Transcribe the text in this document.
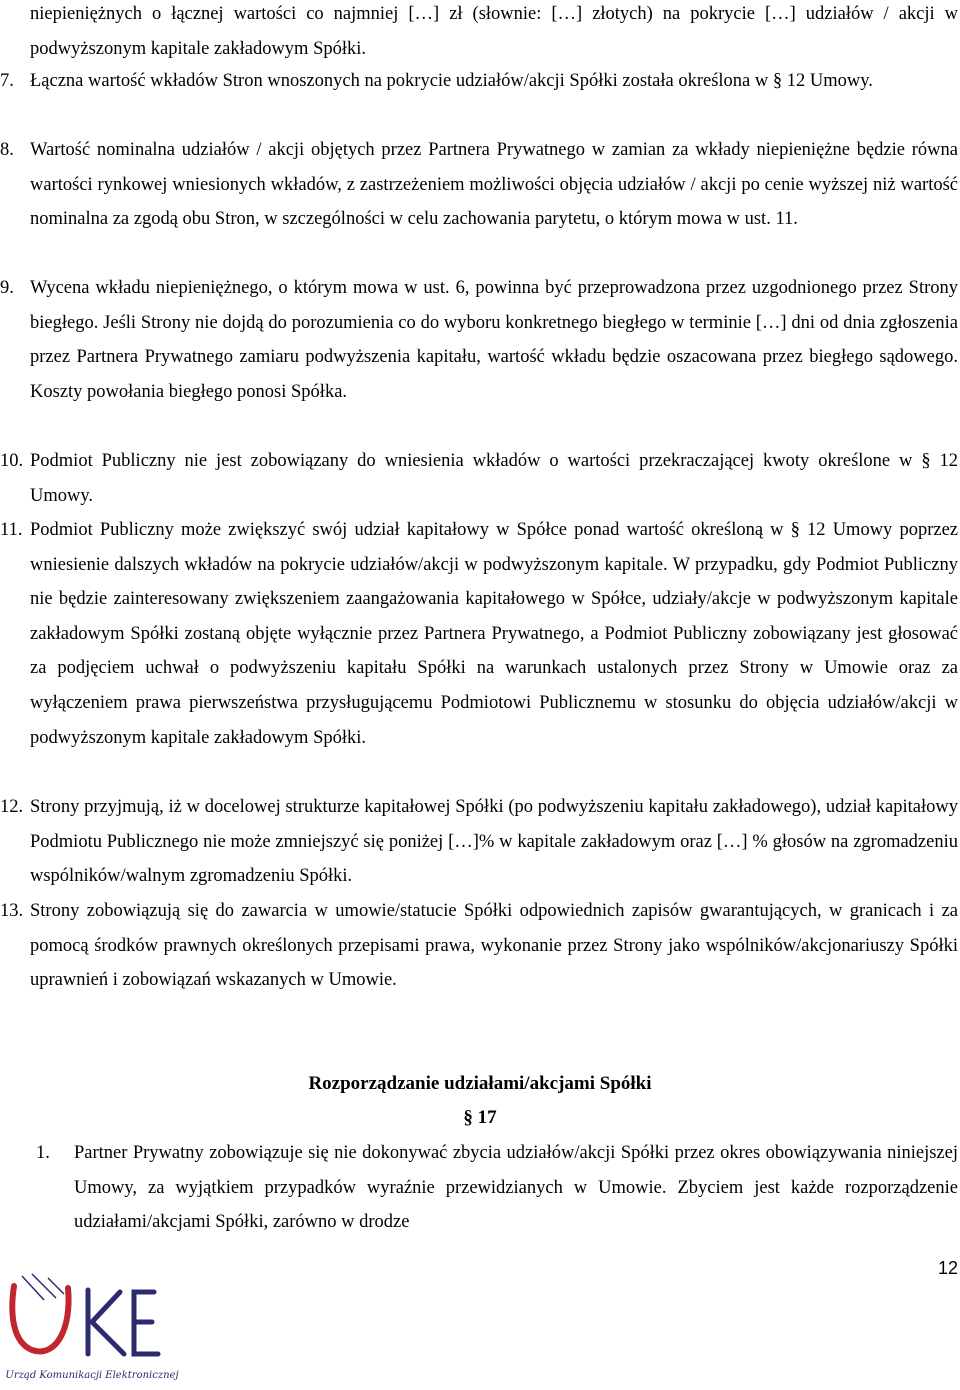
niepieniężnych o łącznej wartości co najmniej […] zł (słownie: […] złotych) na pokrycie […] udziałów / akcji w podwyższonym kapitale zakładowym Spółki.

7. Łączna wartość wkładów Stron wnoszonych na pokrycie udziałów/akcji Spółki została określona w § 12 Umowy.
8. Wartość nominalna udziałów / akcji objętych przez Partnera Prywatnego w zamian za wkłady niepieniężne będzie równa wartości rynkowej wniesionych wkładów, z zastrzeżeniem możliwości objęcia udziałów / akcji po cenie wyższej niż wartość nominalna za zgodą obu Stron, w szczególności w celu zachowania parytetu, o którym mowa w ust. 11.
9. Wycena wkładu niepieniężnego, o którym mowa w ust. 6, powinna być przeprowadzona przez uzgodnionego przez Strony biegłego. Jeśli Strony nie dojdą do porozumienia co do wyboru konkretnego biegłego w terminie […] dni od dnia zgłoszenia przez Partnera Prywatnego zamiaru podwyższenia kapitału, wartość wkładu będzie oszacowana przez biegłego sądowego. Koszty powołania biegłego ponosi Spółka.
10. Podmiot Publiczny nie jest zobowiązany do wniesienia wkładów o wartości przekraczającej kwoty określone w § 12 Umowy.
11. Podmiot Publiczny może zwiększyć swój udział kapitałowy w Spółce ponad wartość określoną w § 12 Umowy poprzez wniesienie dalszych wkładów na pokrycie udziałów/akcji w podwyższonym kapitale. W przypadku, gdy Podmiot Publiczny nie będzie zainteresowany zwiększeniem zaangażowania kapitałowego w Spółce, udziały/akcje w podwyższonym kapitale zakładowym Spółki zostaną objęte wyłącznie przez Partnera Prywatnego, a Podmiot Publiczny zobowiązany jest głosować za podjęciem uchwał o podwyższeniu kapitału Spółki na warunkach ustalonych przez Strony w Umowie oraz za wyłączeniem prawa pierwszeństwa przysługującemu Podmiotowi Publicznemu w stosunku do objęcia udziałów/akcji w podwyższonym kapitale zakładowym Spółki.
12. Strony przyjmują, iż w docelowej strukturze kapitałowej Spółki (po podwyższeniu kapitału zakładowego), udział kapitałowy Podmiotu Publicznego nie może zmniejszyć się poniżej […]% w kapitale zakładowym oraz […] % głosów na zgromadzeniu wspólników/walnym zgromadzeniu Spółki.
13. Strony zobowiązują się do zawarcia w umowie/statucie Spółki odpowiednich zapisów gwarantujących, w granicach i za pomocą środków prawnych określonych przepisami prawa, wykonanie przez Strony jako wspólników/akcjonariuszy Spółki uprawnień i zobowiązań wskazanych w Umowie.

Rozporządzanie udziałami/akcjami Spółki

§ 17

1.	Partner Prywatny zobowiązuje się nie dokonywać zbycia udziałów/akcji Spółki przez okres obowiązywania niniejszej Umowy, za wyjątkiem przypadków wyraźnie przewidzianych w Umowie. Zbyciem jest każde rozporządzenie udziałami/akcjami Spółki, zarówno w drodze
12
Urząd Komunikacji Elektronicznej
